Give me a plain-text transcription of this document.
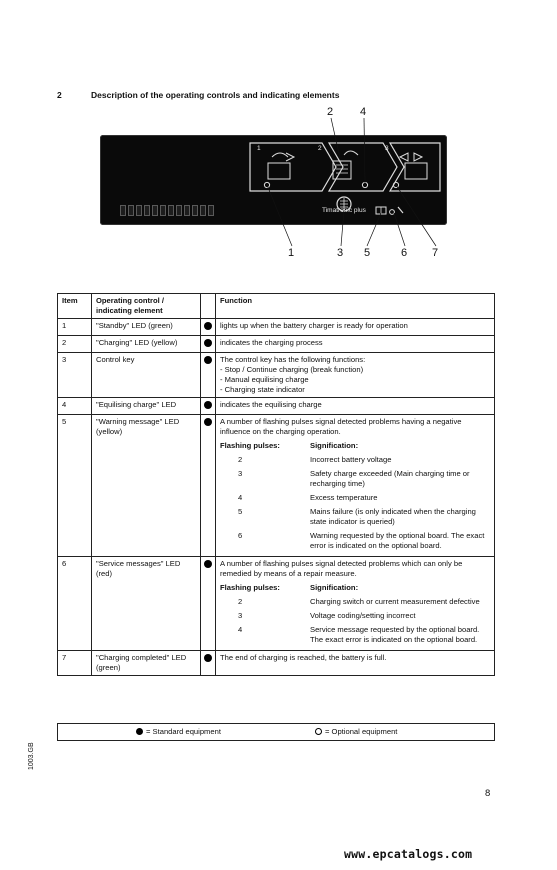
2	Description of the operating controls and indicating elements
2 4
1	2	3
Timatronic plus
1	3 5	6 7
Item	Operating control / indicating element		Function
1	"Standby" LED (green)		lights up when the battery charger is ready for operation
2	"Charging" LED (yellow)		indicates the charging process
3	Control key		The control key has the following functions:
- Stop / Continue charging (break function)
- Manual equilising charge
- Charging state indicator
4	"Equilising charge" LED		indicates the equilising charge
5	"Warning message" LED (yellow)		
A number of flashing pulses signal detected problems having a negative influence on the charging operation.
Flashing pulses:	Signification:
2	Incorrect battery voltage
3	Safety charge exceeded (Main charging time or recharging time)
4	Excess temperature
5	Mains failure (is only indicated when the charging state indicator is queried)
6	Warning requested by the optional board. The exact error is indicated on the optional board.

6	"Service messages" LED (red)		
A number of flashing pulses signal detected problems which can only be remedied by means of a repair measure.
Flashing pulses:	Signification:
2	Charging switch or current measurement defective
3	Voltage coding/setting incorrect
4	Service message requested by the optional board. The exact error is indicated on the optional board.

7	"Charging completed" LED (green)		The end of charging is reached, the battery is full.
= Standard equipment	= Optional equipment
1003.GB
8
www.epcatalogs.com
